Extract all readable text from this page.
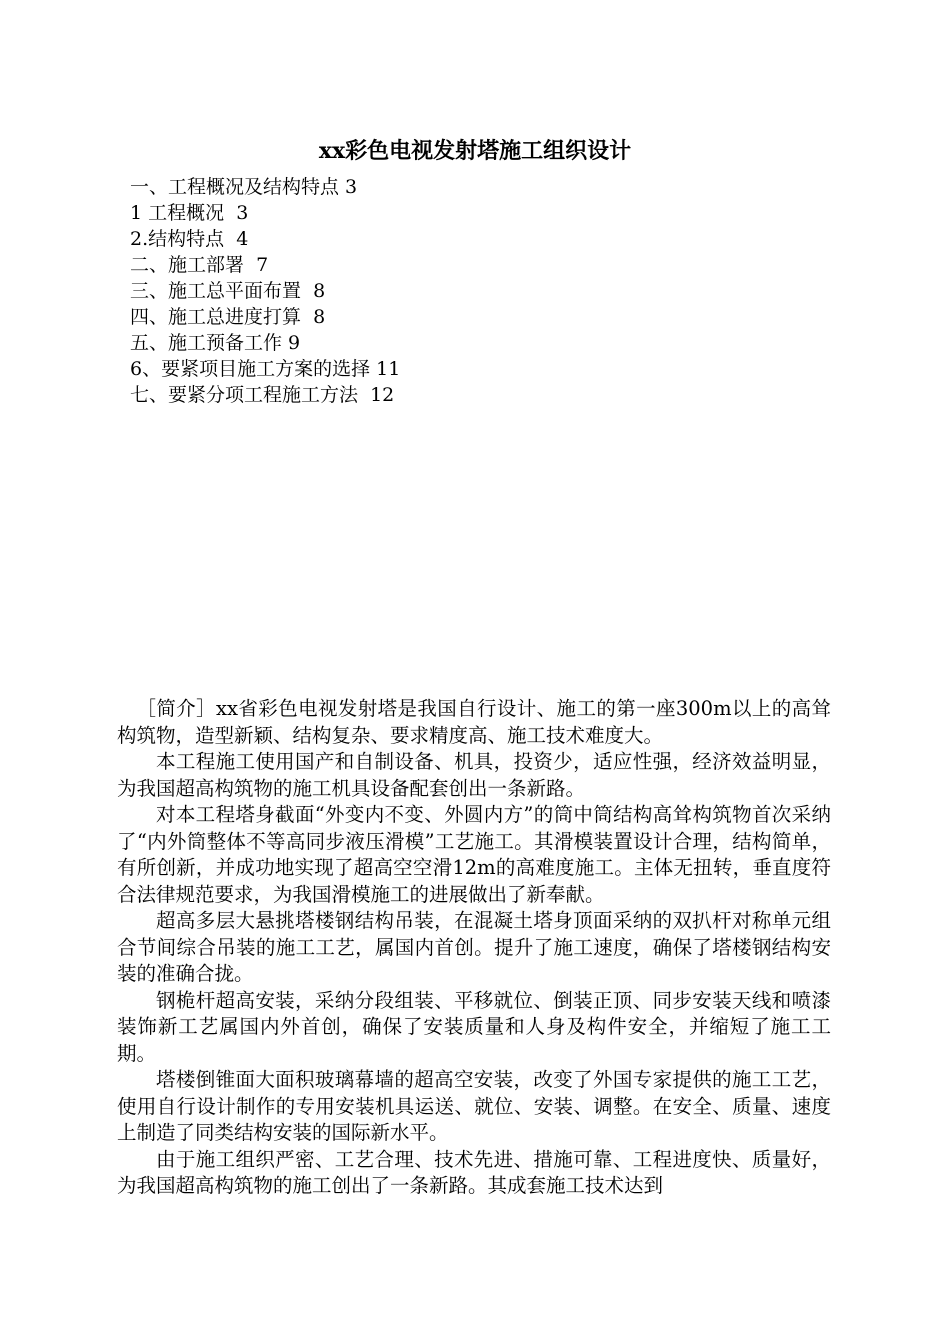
xx彩色电视发射塔施工组织设计
一、工程概况及结构特点 3
1 工程概况  3
2.结构特点  4
二、施工部署  7
三、施工总平面布置  8
四、施工总进度打算  8
五、施工预备工作 9
6、要紧项目施工方案的选择 11
七、要紧分项工程施工方法  12

［简介］xx省彩色电视发射塔是我国自行设计、施工的第一座300m以上的高耸构筑物，造型新颖、结构复杂、要求精度高、施工技术难度大。

本工程施工使用国产和自制设备、机具，投资少，适应性强，经济效益明显，为我国超高构筑物的施工机具设备配套创出一条新路。

对本工程塔身截面“外变内不变、外圆内方”的筒中筒结构高耸构筑物首次采纳了“内外筒整体不等高同步液压滑模”工艺施工。其滑模装置设计合理，结构简单，有所创新，并成功地实现了超高空空滑12m的高难度施工。主体无扭转，垂直度符合法律规范要求，为我国滑模施工的进展做出了新奉献。

超高多层大悬挑塔楼钢结构吊装，在混凝土塔身顶面采纳的双扒杆对称单元组合节间综合吊装的施工工艺，属国内首创。提升了施工速度，确保了塔楼钢结构安装的准确合拢。

钢桅杆超高安装，采纳分段组装、平移就位、倒装正顶、同步安装天线和喷漆装饰新工艺属国内外首创，确保了安装质量和人身及构件安全，并缩短了施工工期。

塔楼倒锥面大面积玻璃幕墙的超高空安装，改变了外国专家提供的施工工艺，使用自行设计制作的专用安装机具运送、就位、安装、调整。在安全、质量、速度上制造了同类结构安装的国际新水平。

由于施工组织严密、工艺合理、技术先进、措施可靠、工程进度快、质量好，为我国超高构筑物的施工创出了一条新路。其成套施工技术达到
